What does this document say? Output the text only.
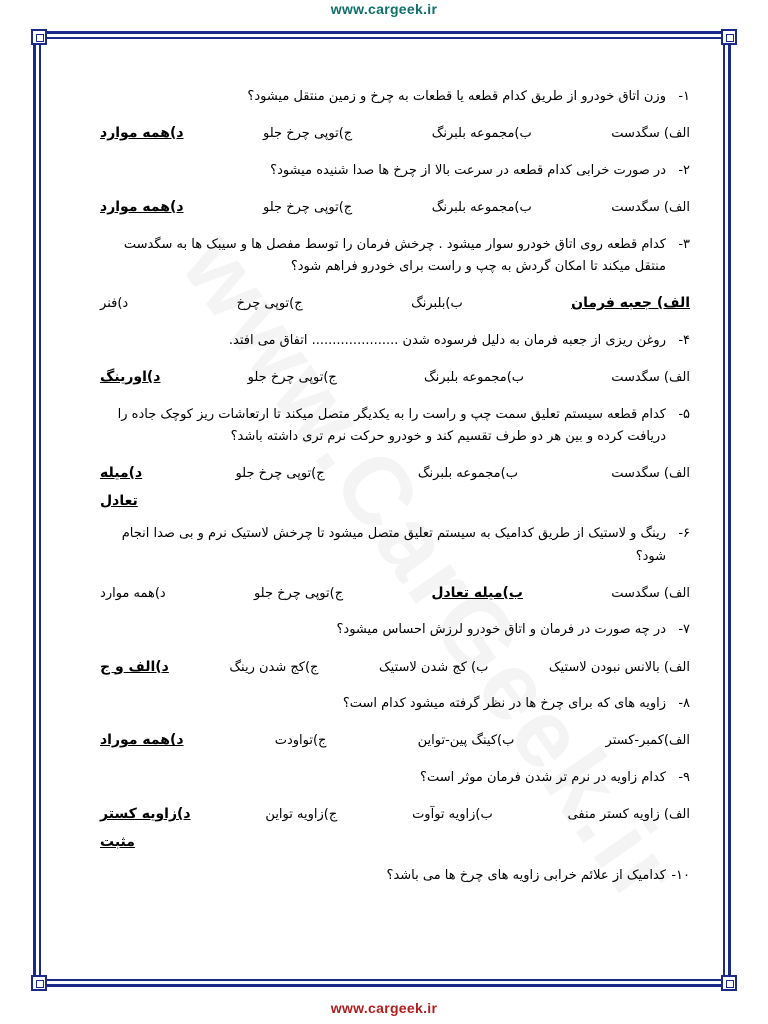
www.cargeek.ir
۱-
وزن اتاق خودرو از طریق کدام قطعه یا قطعات به چرخ و زمین منتقل میشود؟
الف) سگدست
ب)مجموعه بلبرنگ
ج)توپی چرخ جلو
د)همه موارد
۲-
در صورت خرابی کدام قطعه در سرعت بالا از چرخ ها صدا شنیده میشود؟
الف) سگدست
ب)مجموعه بلبرنگ
ج)توپی چرخ جلو
د)همه موارد
۳-
کدام قطعه روی اتاق خودرو سوار میشود . چرخش فرمان را توسط مفصل ها و سیبک ها به سگدست منتقل میکند تا امکان گردش به چپ و راست برای خودرو فراهم شود؟
الف) جعبه فرمان
ب)بلبرنگ
ج)توپی چرخ
د)فنر
۴-
روغن ریزی از جعبه فرمان به دلیل فرسوده شدن ..................... اتفاق می افتد.
الف) سگدست
ب)مجموعه بلبرنگ
ج)توپی چرخ جلو
د)اورینگ
۵-
کدام قطعه سیستم تعلیق سمت چپ و راست را به یکدیگر متصل میکند تا ارتعاشات ریز کوچک جاده را دریافت کرده و بین هر دو طرف تقسیم کند و خودرو حرکت نرم تری داشته باشد؟
الف) سگدست
ب)مجموعه بلبرنگ
ج)توپی چرخ جلو
د)میله
تعادل
۶-
رینگ و لاستیک از طریق کدامیک به سیستم تعلیق متصل میشود تا چرخش لاستیک نرم و بی صدا انجام شود؟
الف) سگدست
ب)میله تعادل
ج)توپی چرخ جلو
د)همه موارد
۷-
در چه صورت در فرمان و اتاق خودرو لرزش احساس میشود؟
الف) بالانس نبودن لاستیک
ب) کج شدن لاستیک
ج)کج شدن رینگ
د)الف و ج
۸-
زاویه های که برای چرخ ها در نظر گرفته میشود کدام است؟
الف)کمبر-کستر
ب)کینگ پین-تواین
ج)تواودت
د)همه موراد
۹-
کدام زاویه در نرم تر شدن فرمان موثر است؟
الف) زاویه کستر منفی
ب)زاویه توآوت
ج)زاویه تواین
د)زاویه کستر
مثبت
۱۰-
کدامیک از علائم خرابی زاویه های چرخ ها می باشد؟
www.cargeek.ir
